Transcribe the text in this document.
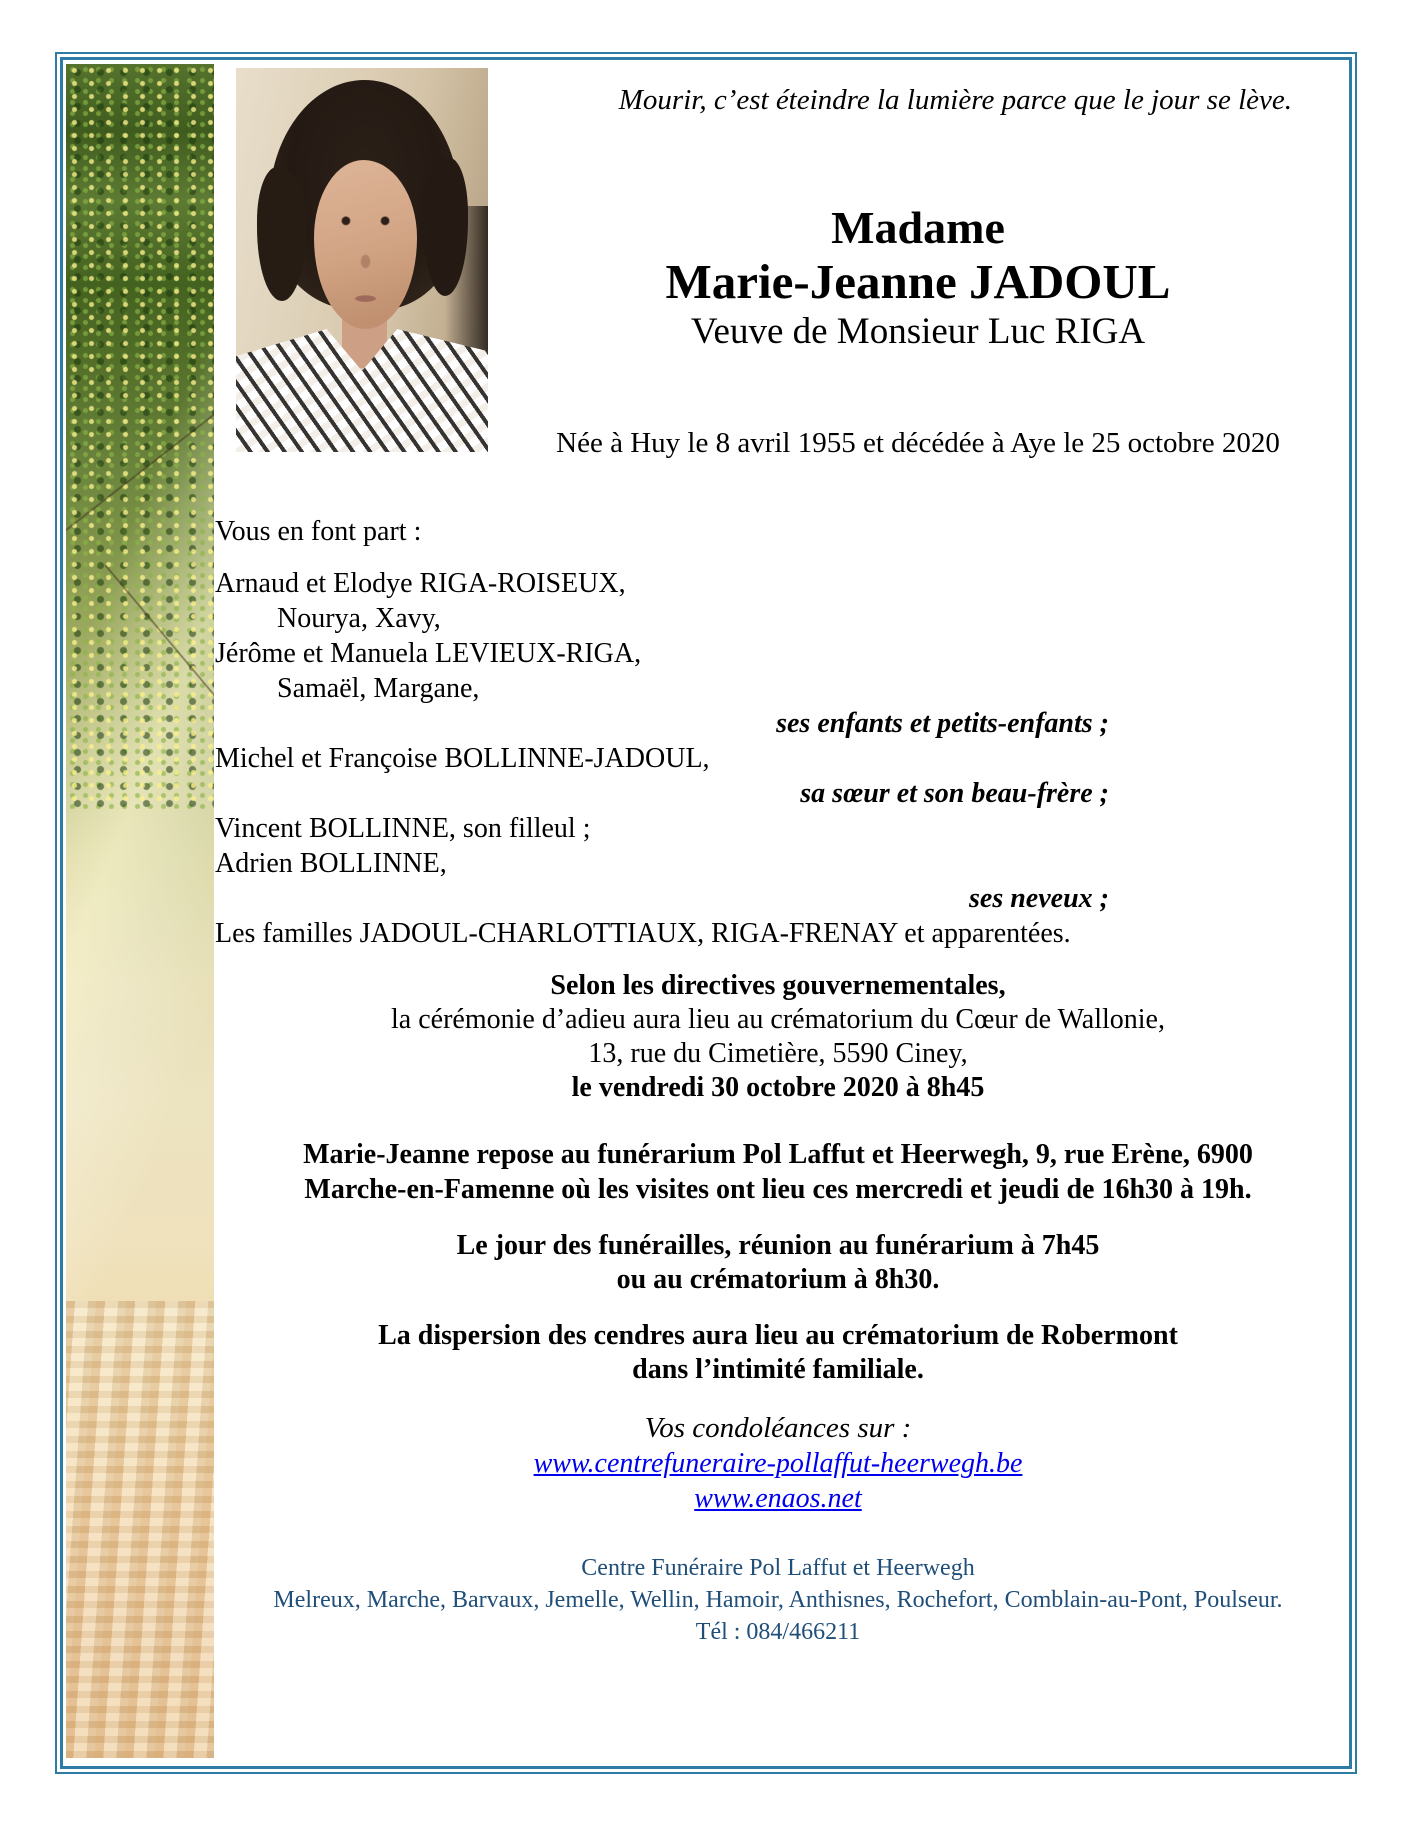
Mourir, c’est éteindre la lumière parce que le jour se lève.
Madame
Marie-Jeanne JADOUL
Veuve de Monsieur Luc RIGA
Née à Huy le 8 avril 1955 et décédée à Aye le 25 octobre 2020
Vous en font part :
Arnaud et Elodye RIGA-ROISEUX,
Nourya, Xavy,
Jérôme et Manuela LEVIEUX-RIGA,
Samaël, Margane,
ses enfants et petits-enfants ;
Michel et Françoise BOLLINNE-JADOUL,
sa sœur et son beau-frère ;
Vincent BOLLINNE, son filleul ;
Adrien BOLLINNE,
ses neveux ;
Les familles JADOUL-CHARLOTTIAUX, RIGA-FRENAY et apparentées.
Selon les directives gouvernementales,
la cérémonie d’adieu aura lieu au crématorium du Cœur de Wallonie,
13, rue du Cimetière, 5590 Ciney,
le vendredi 30 octobre 2020 à 8h45
Marie-Jeanne repose au funérarium Pol Laffut et Heerwegh, 9, rue Erène, 6900
Marche-en-Famenne où les visites ont lieu ces mercredi et jeudi de 16h30 à 19h.
Le jour des funérailles, réunion au funérarium à 7h45
ou au crématorium à 8h30.
La dispersion des cendres aura lieu au crématorium de Robermont
dans l’intimité familiale.
Vos condoléances sur :
www.centrefuneraire-pollaffut-heerwegh.be
www.enaos.net
Centre Funéraire Pol Laffut et Heerwegh
Melreux, Marche, Barvaux, Jemelle, Wellin, Hamoir, Anthisnes, Rochefort, Comblain-au-Pont, Poulseur.
Tél : 084/466211
